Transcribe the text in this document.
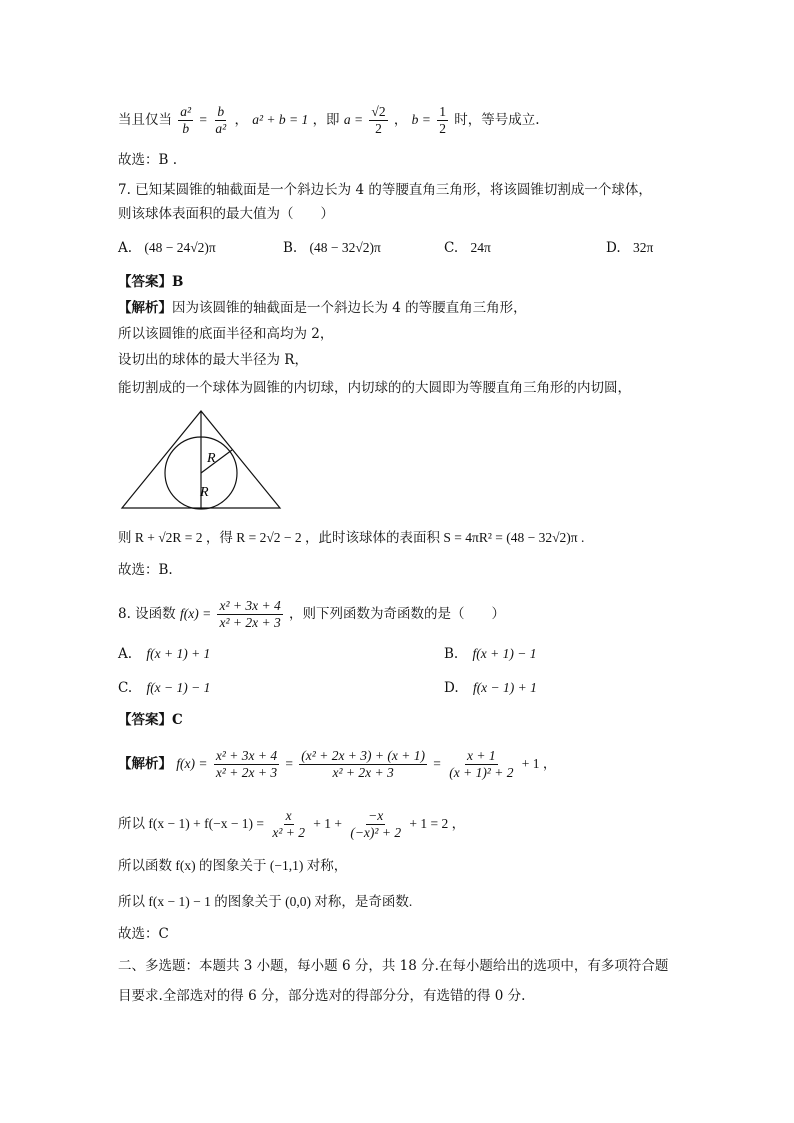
当且仅当 $\frac{\text{a²}}{b} = \frac{b}{\text{a²}}$ ， a² + b = 1 ，即 $a = \frac{√2}{2}$ ， $b = \frac{1}{2}$ 时，等号成立.
故选：B .
7. 已知某圆锥的轴截面是一个斜边长为 4 的等腰直角三角形，将该圆锥切割成一个球体，
则该球体表面积的最大值为（　　）
A. (48 − 24√2)π	B. (48 − 32√2)π	C. 24π	D. 32π
【答案】B
【解析】因为该圆锥的轴截面是一个斜边长为 4 的等腰直角三角形，
所以该圆锥的底面半径和高均为 2，
设切出的球体的最大半径为 R，
能切割成的一个球体为圆锥的内切球，内切球的的大圆即为等腰直角三角形的内切圆，
R
R
则 R + √2R = 2 ，得 R = 2√2 − 2 ，此时该球体的表面积 S = 4πR² = (48 − 32√2)π .
故选：B.
8. 设函数 $f(x) = \frac{\text{x² + 3x + 4}}{\text{x² + 2x + 3}}$ ，则下列函数为奇函数的是（　　）
A. f(x + 1) + 1	B. f(x + 1) − 1
C. f(x − 1) − 1	D. f(x − 1) + 1
【答案】C
【解析】 $f(x) = \frac{\text{x² + 3x + 4}}{\text{x² + 2x + 3}} = \frac{\text{(x² + 2x + 3) + (x + 1)}}{\text{x² + 2x + 3}} = \frac{x + 1}{\text{(x + 1)² + 2}} + 1$ ，
所以 $f(x - 1) + f(-x - 1) = \frac{x}{\text{x² + 2}} + 1 + \frac{-x}{\text{(−x)² + 2}} + 1 = 2$ ，
所以函数 f(x) 的图象关于 (−1,1) 对称，
所以 f(x − 1) − 1 的图象关于 (0,0) 对称，是奇函数.
故选：C
二、多选题：本题共 3 小题，每小题 6 分，共 18 分.在每小题给出的选项中，有多项符合题
目要求.全部选对的得 6 分，部分选对的得部分分，有选错的得 0 分.
